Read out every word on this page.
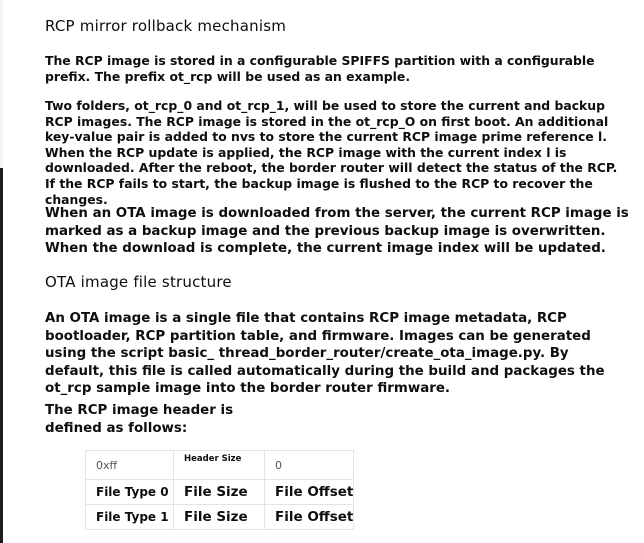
RCP mirror rollback mechanism

The RCP image is stored in a configurable SPIFFS partition with a configurable prefix. The prefix ot_rcp will be used as an example.

Two folders, ot_rcp_0 and ot_rcp_1, will be used to store the current and backup RCP images. The RCP image is stored in the ot_rcp_O on first boot. An additional key-value pair is added to nvs to store the current RCP image prime reference l. When the RCP update is applied, the RCP image with the current index l is downloaded. After the reboot, the border router will detect the status of the RCP. If the RCP fails to start, the backup image is flushed to the RCP to recover the changes.

When an OTA image is downloaded from the server, the current RCP image is marked as a backup image and the previous backup image is overwritten. When the download is complete, the current image index will be updated.

OTA image file structure

An OTA image is a single file that contains RCP image metadata, RCP bootloader, RCP partition table, and firmware. Images can be generated using the script basic_ thread_border_router/create_ota_image.py. By default, this file is called automatically during the build and packages the ot_rcp sample image into the border router firmware.

The RCP image header is defined as follows:

0xff	Header Size	0
File Type 0	File Size	File Offset
File Type 1	File Size	File Offset
